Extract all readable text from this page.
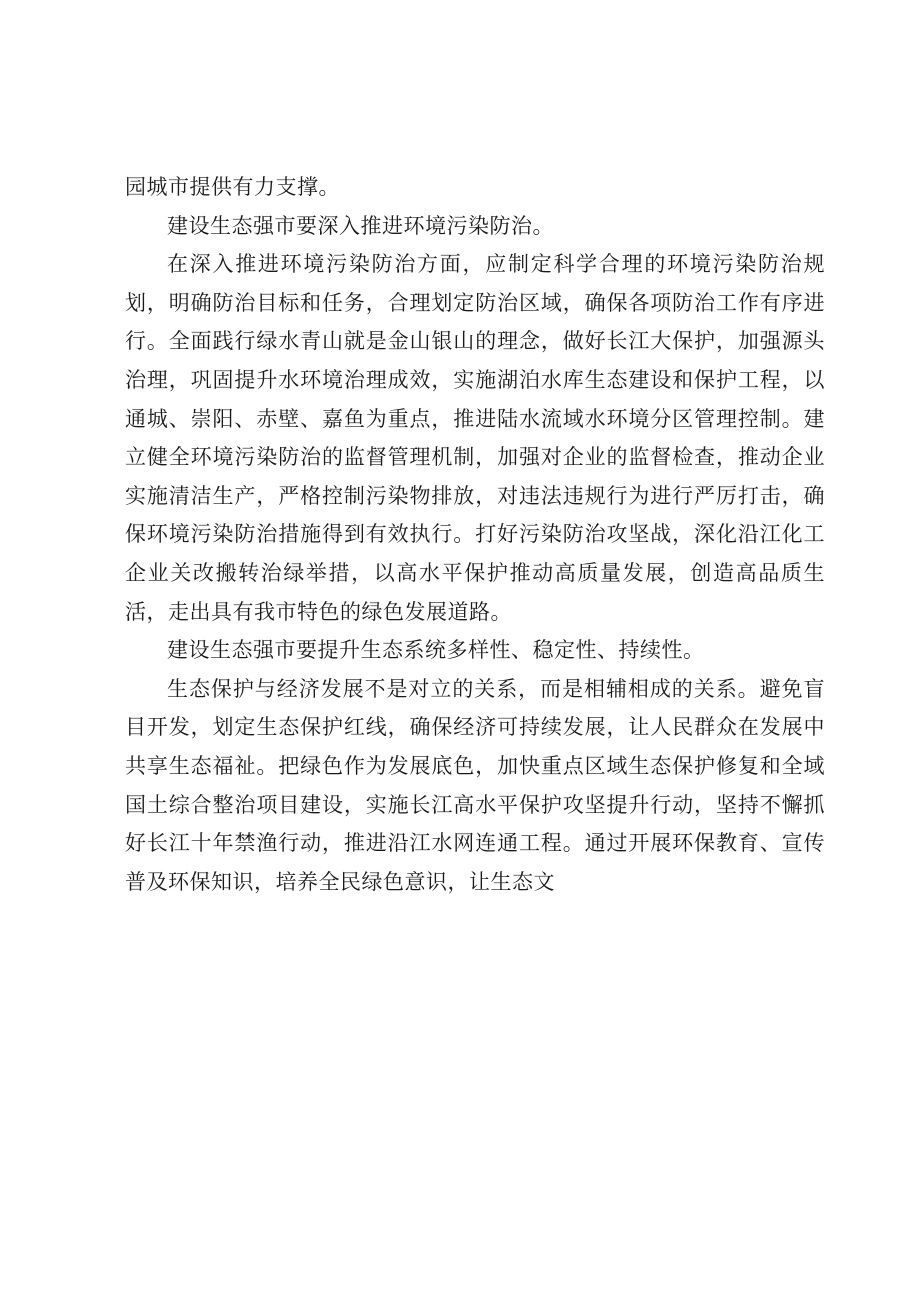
园城市提供有力支撑。

建设生态强市要深入推进环境污染防治。

在深入推进环境污染防治方面，应制定科学合理的环境污染防治规划，明确防治目标和任务，合理划定防治区域，确保各项防治工作有序进行。全面践行绿水青山就是金山银山的理念，做好长江大保护，加强源头治理，巩固提升水环境治理成效，实施湖泊水库生态建设和保护工程，以通城、崇阳、赤壁、嘉鱼为重点，推进陆水流域水环境分区管理控制。建立健全环境污染防治的监督管理机制，加强对企业的监督检查，推动企业实施清洁生产，严格控制污染物排放，对违法违规行为进行严厉打击，确保环境污染防治措施得到有效执行。打好污染防治攻坚战，深化沿江化工企业关改搬转治绿举措，以高水平保护推动高质量发展，创造高品质生活，走出具有我市特色的绿色发展道路。

建设生态强市要提升生态系统多样性、稳定性、持续性。

生态保护与经济发展不是对立的关系，而是相辅相成的关系。避免盲目开发，划定生态保护红线，确保经济可持续发展，让人民群众在发展中共享生态福祉。把绿色作为发展底色，加快重点区域生态保护修复和全域国土综合整治项目建设，实施长江高水平保护攻坚提升行动，坚持不懈抓好长江十年禁渔行动，推进沿江水网连通工程。通过开展环保教育、宣传普及环保知识，培养全民绿色意识，让生态文
